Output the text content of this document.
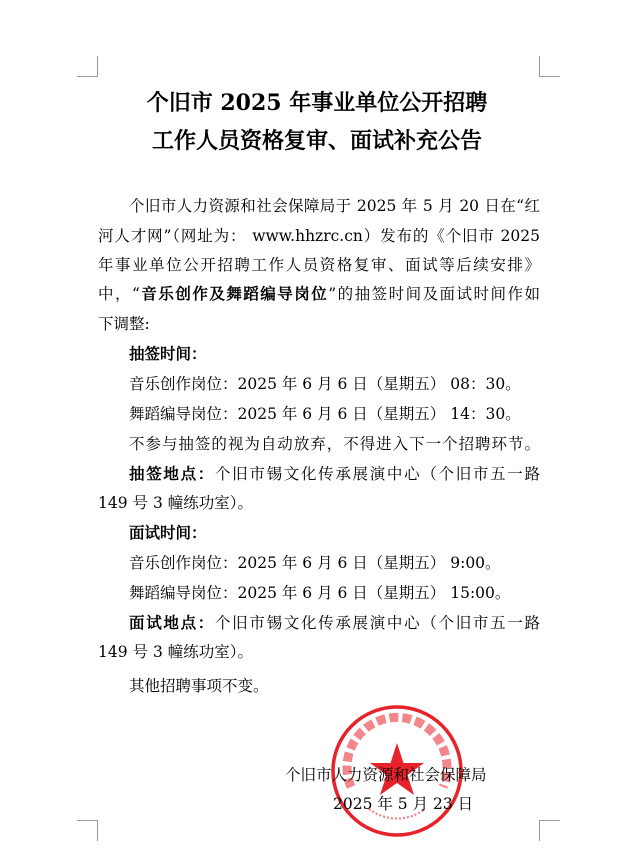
个旧市 2025 年事业单位公开招聘
工作人员资格复审、面试补充公告
个旧市人力资源和社会保障局于 2025 年 5 月 20 日在“红
河人才网”（网址为： www.hhzrc.cn）发布的《个旧市 2025
年事业单位公开招聘工作人员资格复审、面试等后续安排》
中，“音乐创作及舞蹈编导岗位”的抽签时间及面试时间作如
下调整:
抽签时间：
音乐创作岗位：2025 年 6 月 6 日（星期五） 08：30。
舞蹈编导岗位：2025 年 6 月 6 日（星期五） 14：30。
不参与抽签的视为自动放弃，不得进入下一个招聘环节。
抽签地点：个旧市锡文化传承展演中心（个旧市五一路
149 号 3 幢练功室）。
面试时间：
音乐创作岗位：2025 年 6 月 6 日（星期五） 9:00。
舞蹈编导岗位：2025 年 6 月 6 日（星期五） 15:00。
面试地点：个旧市锡文化传承展演中心（个旧市五一路
149 号 3 幢练功室）。
其他招聘事项不变。
个旧市人力资源和社会保障局
2025 年 5 月 23 日
